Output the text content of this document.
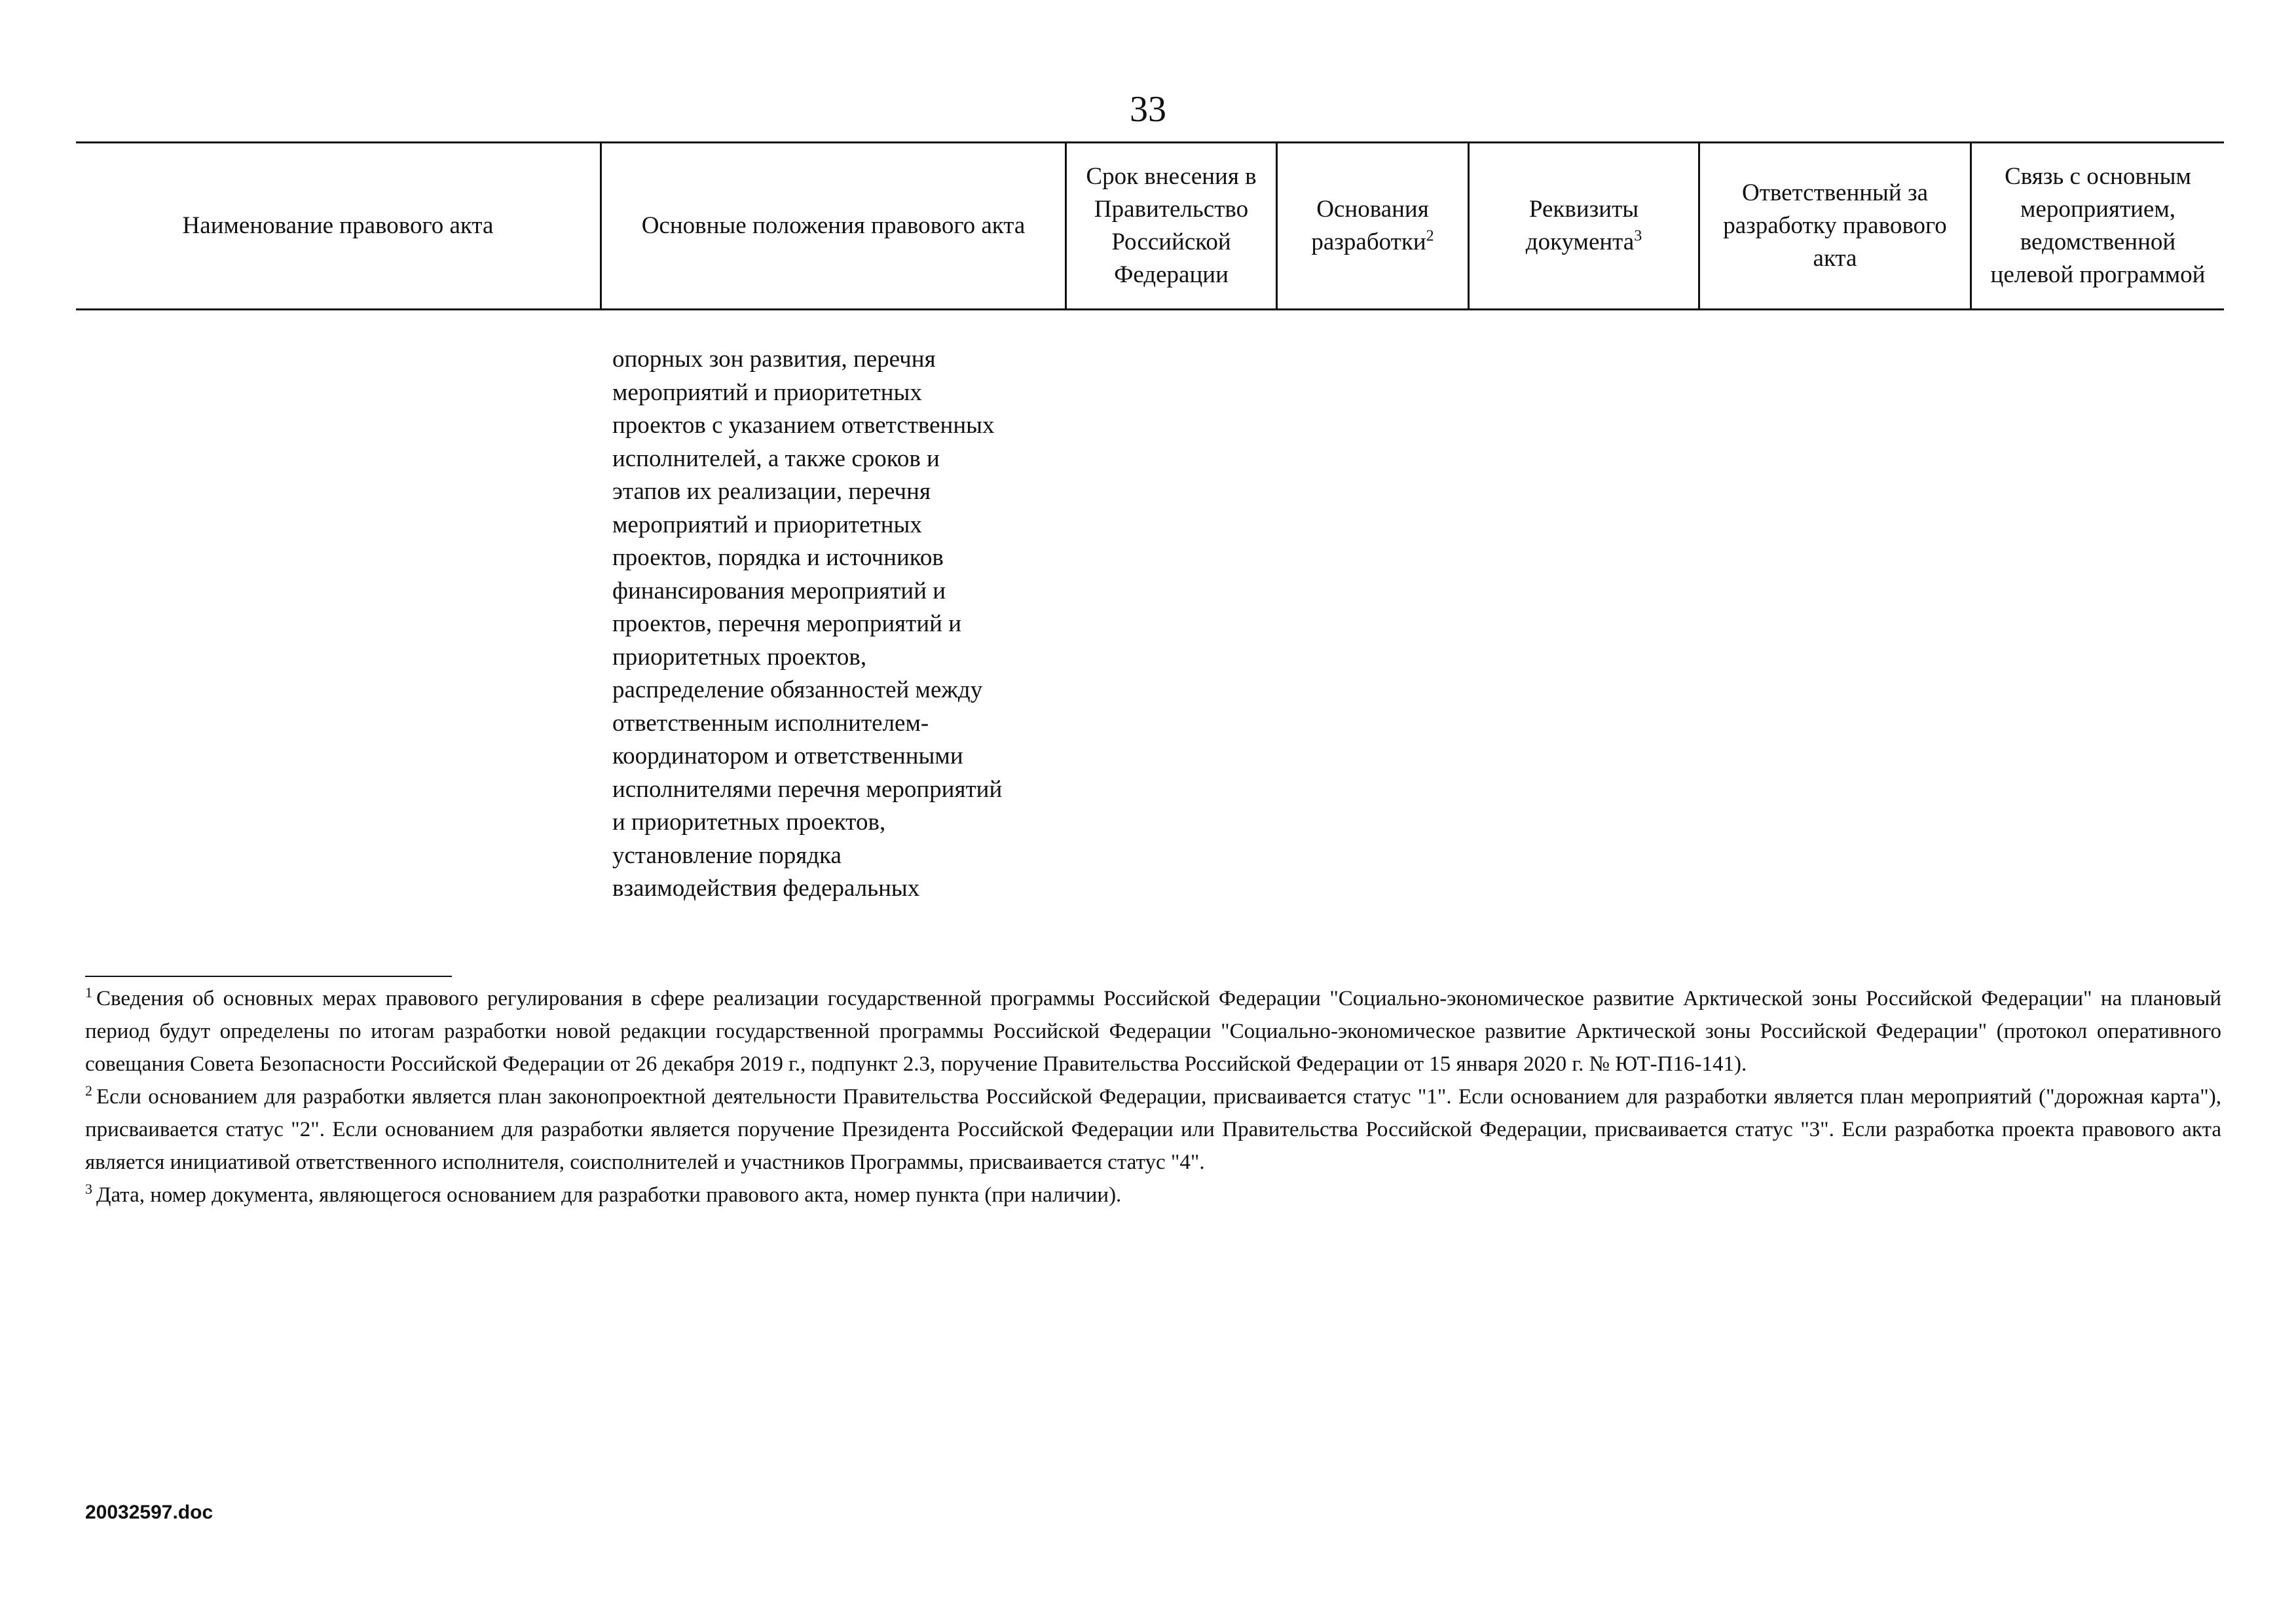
33
Наименование правового акта	Основные положения правового акта
Срок внесения в Правительство Российской Федерации
Основания разработки$^2$
Реквизиты документа$^3$
Ответственный за разработку правового акта
Связь с основным мероприятием, ведомственной целевой программой
опорных зон развития, перечня
мероприятий и приоритетных
проектов с указанием ответственных
исполнителей, а также сроков и
этапов их реализации, перечня
мероприятий и приоритетных
проектов, порядка и источников
финансирования мероприятий и
проектов, перечня мероприятий и
приоритетных проектов,
распределение обязанностей между
ответственным исполнителем-
координатором и ответственными
исполнителями перечня мероприятий
и приоритетных проектов,
установление порядка
взаимодействия федеральных

$^1$ Сведения об основных мерах правового регулирования в сфере реализации государственной программы Российской Федерации "Социально-экономическое развитие Арктической зоны Российской Федерации" на плановый период будут определены по итогам разработки новой редакции государственной программы Российской Федерации "Социально-экономическое развитие Арктической зоны Российской Федерации" (протокол оперативного совещания Совета Безопасности Российской Федерации от 26 декабря 2019 г., подпункт 2.3, поручение Правительства Российской Федерации от 15 января 2020 г. № ЮТ-П16-141).

$^2$ Если основанием для разработки является план законопроектной деятельности Правительства Российской Федерации, присваивается статус "1". Если основанием для разработки является план мероприятий ("дорожная карта"), присваивается статус "2". Если основанием для разработки является поручение Президента Российской Федерации или Правительства Российской Федерации, присваивается статус "3". Если разработка проекта правового акта является инициативой ответственного исполнителя, соисполнителей и участников Программы, присваивается статус "4".

$^3$ Дата, номер документа, являющегося основанием для разработки правового акта, номер пункта (при наличии).

20032597.doc
